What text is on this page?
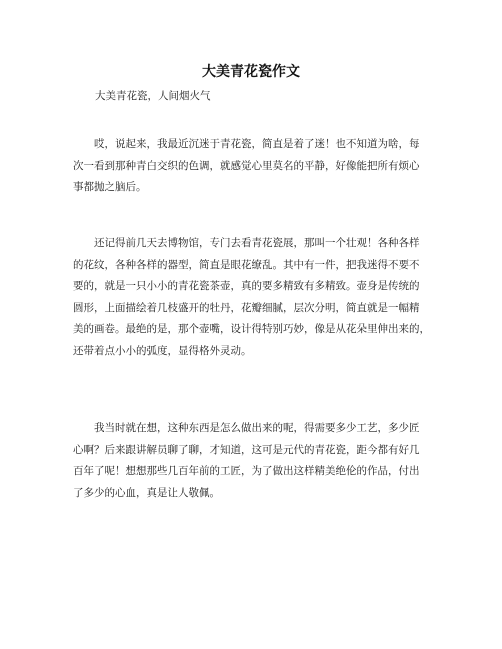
大美青花瓷作文
大美青花瓷，人间烟火气
哎，说起来，我最近沉迷于青花瓷，简直是着了迷！也不知道为啥，每
次一看到那种青白交织的色调，就感觉心里莫名的平静，好像能把所有烦心
事都抛之脑后。
还记得前几天去博物馆，专门去看青花瓷展，那叫一个壮观！各种各样
的花纹，各种各样的器型，简直是眼花缭乱。其中有一件，把我迷得不要不
要的，就是一只小小的青花瓷茶壶，真的要多精致有多精致。壶身是传统的
圆形，上面描绘着几枝盛开的牡丹，花瓣细腻，层次分明，简直就是一幅精
美的画卷。最绝的是，那个壶嘴，设计得特别巧妙，像是从花朵里伸出来的，
还带着点小小的弧度，显得格外灵动。
我当时就在想，这种东西是怎么做出来的呢，得需要多少工艺，多少匠
心啊？后来跟讲解员聊了聊，才知道，这可是元代的青花瓷，距今都有好几
百年了呢！想想那些几百年前的工匠，为了做出这样精美绝伦的作品，付出
了多少的心血，真是让人敬佩。
